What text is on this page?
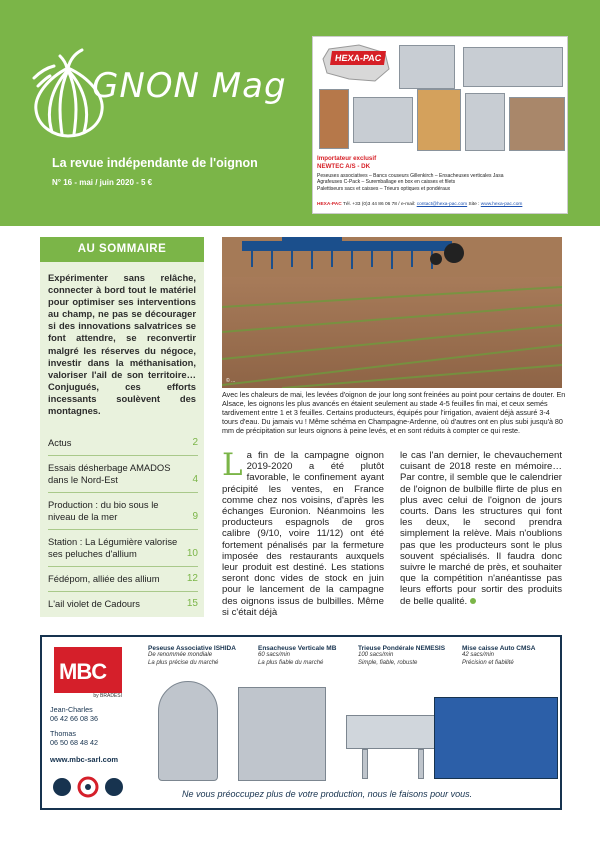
GNON Mag
La revue indépendante de l'oignon
N° 16 - mai / juin 2020 - 5 €
HEXA-PAC
Importateur exclusif
NEWTEC A/S - DK
Peseuses associatives – Bancs couseurs Gillenkirch – Ensacheuses verticales Jasa
Agrafeuses C-Pack – Suremballage en box en caisses et filets
Palettiseurs sacs et caisses – Trieurs optiques et pondéraux
HEXA-PAC Tél. +33 (0)3 44 86 06 78 / e-mail: contact@hexa-pac.com Site : www.hexa-pac.com
AU SOMMAIRE
Expérimenter sans relâche, connecter à bord tout le matériel pour optimiser ses interventions au champ, ne pas se décourager si des innovations salvatrices se font attendre, se reconvertir malgré les réserves du négoce, investir dans la méthanisation, valoriser l'ail de son territoire… Conjugués, ces efforts incessants soulèvent des montagnes.
Actus	2
Essais désherbage AMADOS dans le Nord-Est	4
Production : du bio sous le niveau de la mer	9
Station : La Légumière valorise ses peluches d'allium	10
Fédépom, alliée des allium	12
L'ail violet de Cadours	15
© ...
Avec les chaleurs de mai, les levées d'oignon de jour long sont freinées au point pour certains de douter. En Alsace, les oignons les plus avancés en étaient seulement au stade 4-5 feuilles fin mai, et ceux semés tardivement entre 1 et 3 feuilles. Certains producteurs, équipés pour l'irrigation, avaient déjà assuré 3-4 tours d'eau. Du jamais vu ! Même schéma en Champagne-Ardenne, où d'autres ont en plus subi jusqu'à 80 mm de précipitation sur leurs oignons à peine levés, et en sont réduits à compter ce qui reste.
La fin de la campagne oignon 2019-2020 a été plutôt favorable, le confinement ayant précipité les ventes, en France comme chez nos voisins, d'après les échanges Euronion. Néanmoins les producteurs espagnols de gros calibre (9/10, voire 11/12) ont été fortement pénalisés par la fermeture imposée des restaurants auxquels leur produit est destiné. Les stations seront donc vides de stock en juin pour le lancement de la campagne des oignons issus de bulbilles. Même si c'était déjà
le cas l'an dernier, le chevauchement cuisant de 2018 reste en mémoire… Par contre, il semble que le calendrier de l'oignon de bulbille flirte de plus en plus avec celui de l'oignon de jours courts. Dans les structures qui font les deux, le second prendra simplement la relève. Mais n'oublions pas que les producteurs sont le plus souvent spécialisés. Il faudra donc suivre le marché de près, et souhaiter que la compétition n'anéantisse pas leurs efforts pour sortir des produits de belle qualité.
MBC
by BRADESI
Jean-Charles
06 42 66 08 36
Thomas
06 50 68 48 42
www.mbc-sarl.com
Peseuse Associative ISHIDA
De renommée mondiale
La plus précise du marché
Ensacheuse Verticale MB
60 sacs/min
La plus fiable du marché
Trieuse Pondérale NEMESIS
100 sacs/min
Simple, fiable, robuste
Mise caisse Auto CMSA
42 sacs/min
Précision et fiabilité
Ne vous préoccupez plus de votre production, nous le faisons pour vous.
